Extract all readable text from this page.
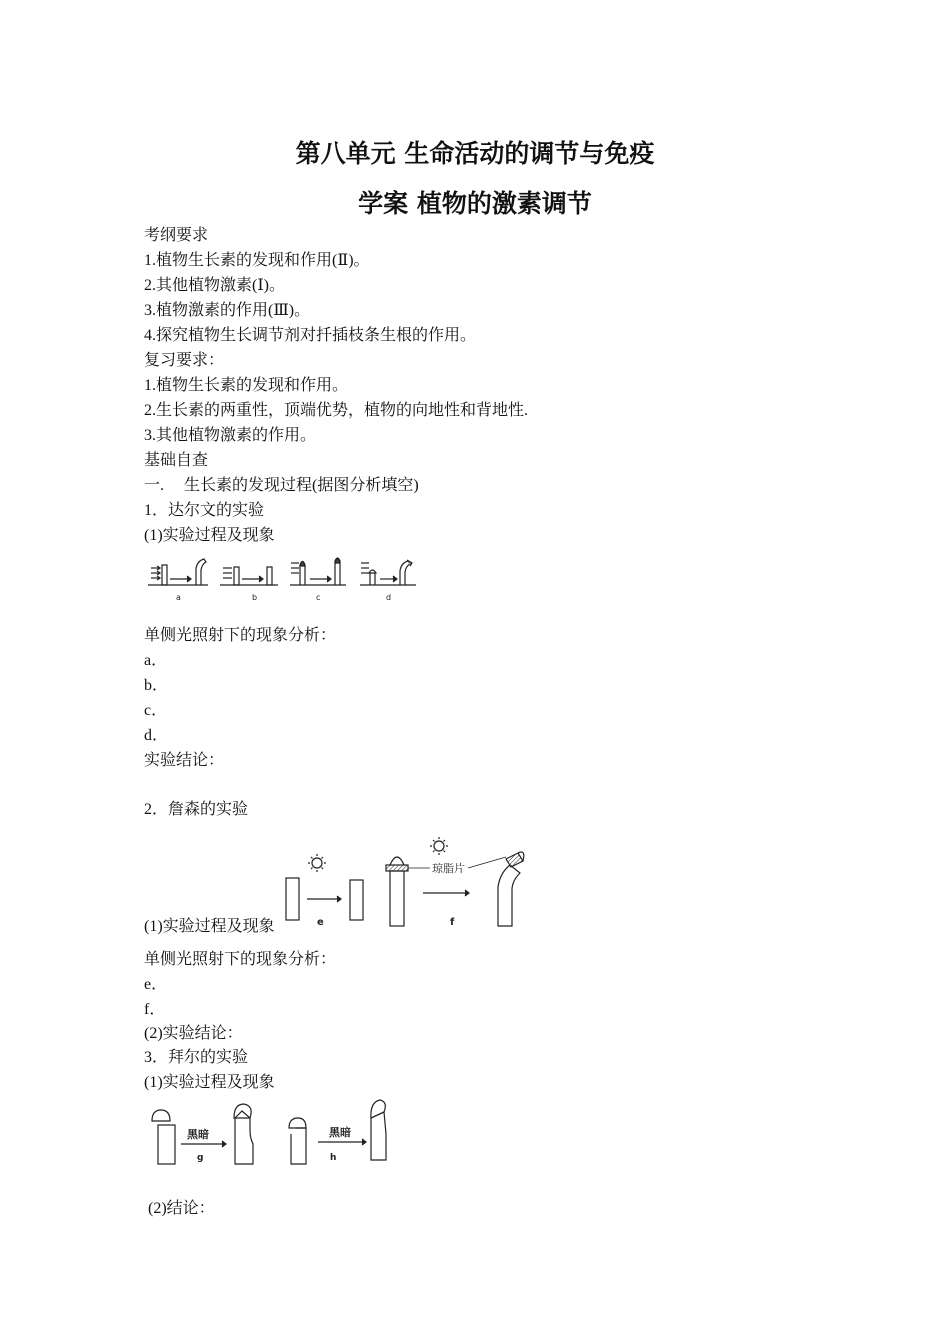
第八单元 生命活动的调节与免疫
学案 植物的激素调节
考纲要求
1.植物生长素的发现和作用(Ⅱ)。
2.其他植物激素(Ⅰ)。
3.植物激素的作用(Ⅲ)。
4.探究植物生长调节剂对扦插枝条生根的作用。
复习要求：
1.植物生长素的发现和作用。
2.生长素的两重性，顶端优势，植物的向地性和背地性.
3.其他植物激素的作用。
基础自查
一.     生长素的发现过程(据图分析填空)
1．达尔文的实验
(1)实验过程及现象
a	b	c	d
单侧光照射下的现象分析：
a．
b．
c．
d．
实验结论：
2．詹森的实验
e
琼脂片
f
(1)实验过程及现象
单侧光照射下的现象分析：
e．
f．
(2)实验结论：
3．拜尔的实验
(1)实验过程及现象
黑暗
g
黑暗
h
(2)结论：
